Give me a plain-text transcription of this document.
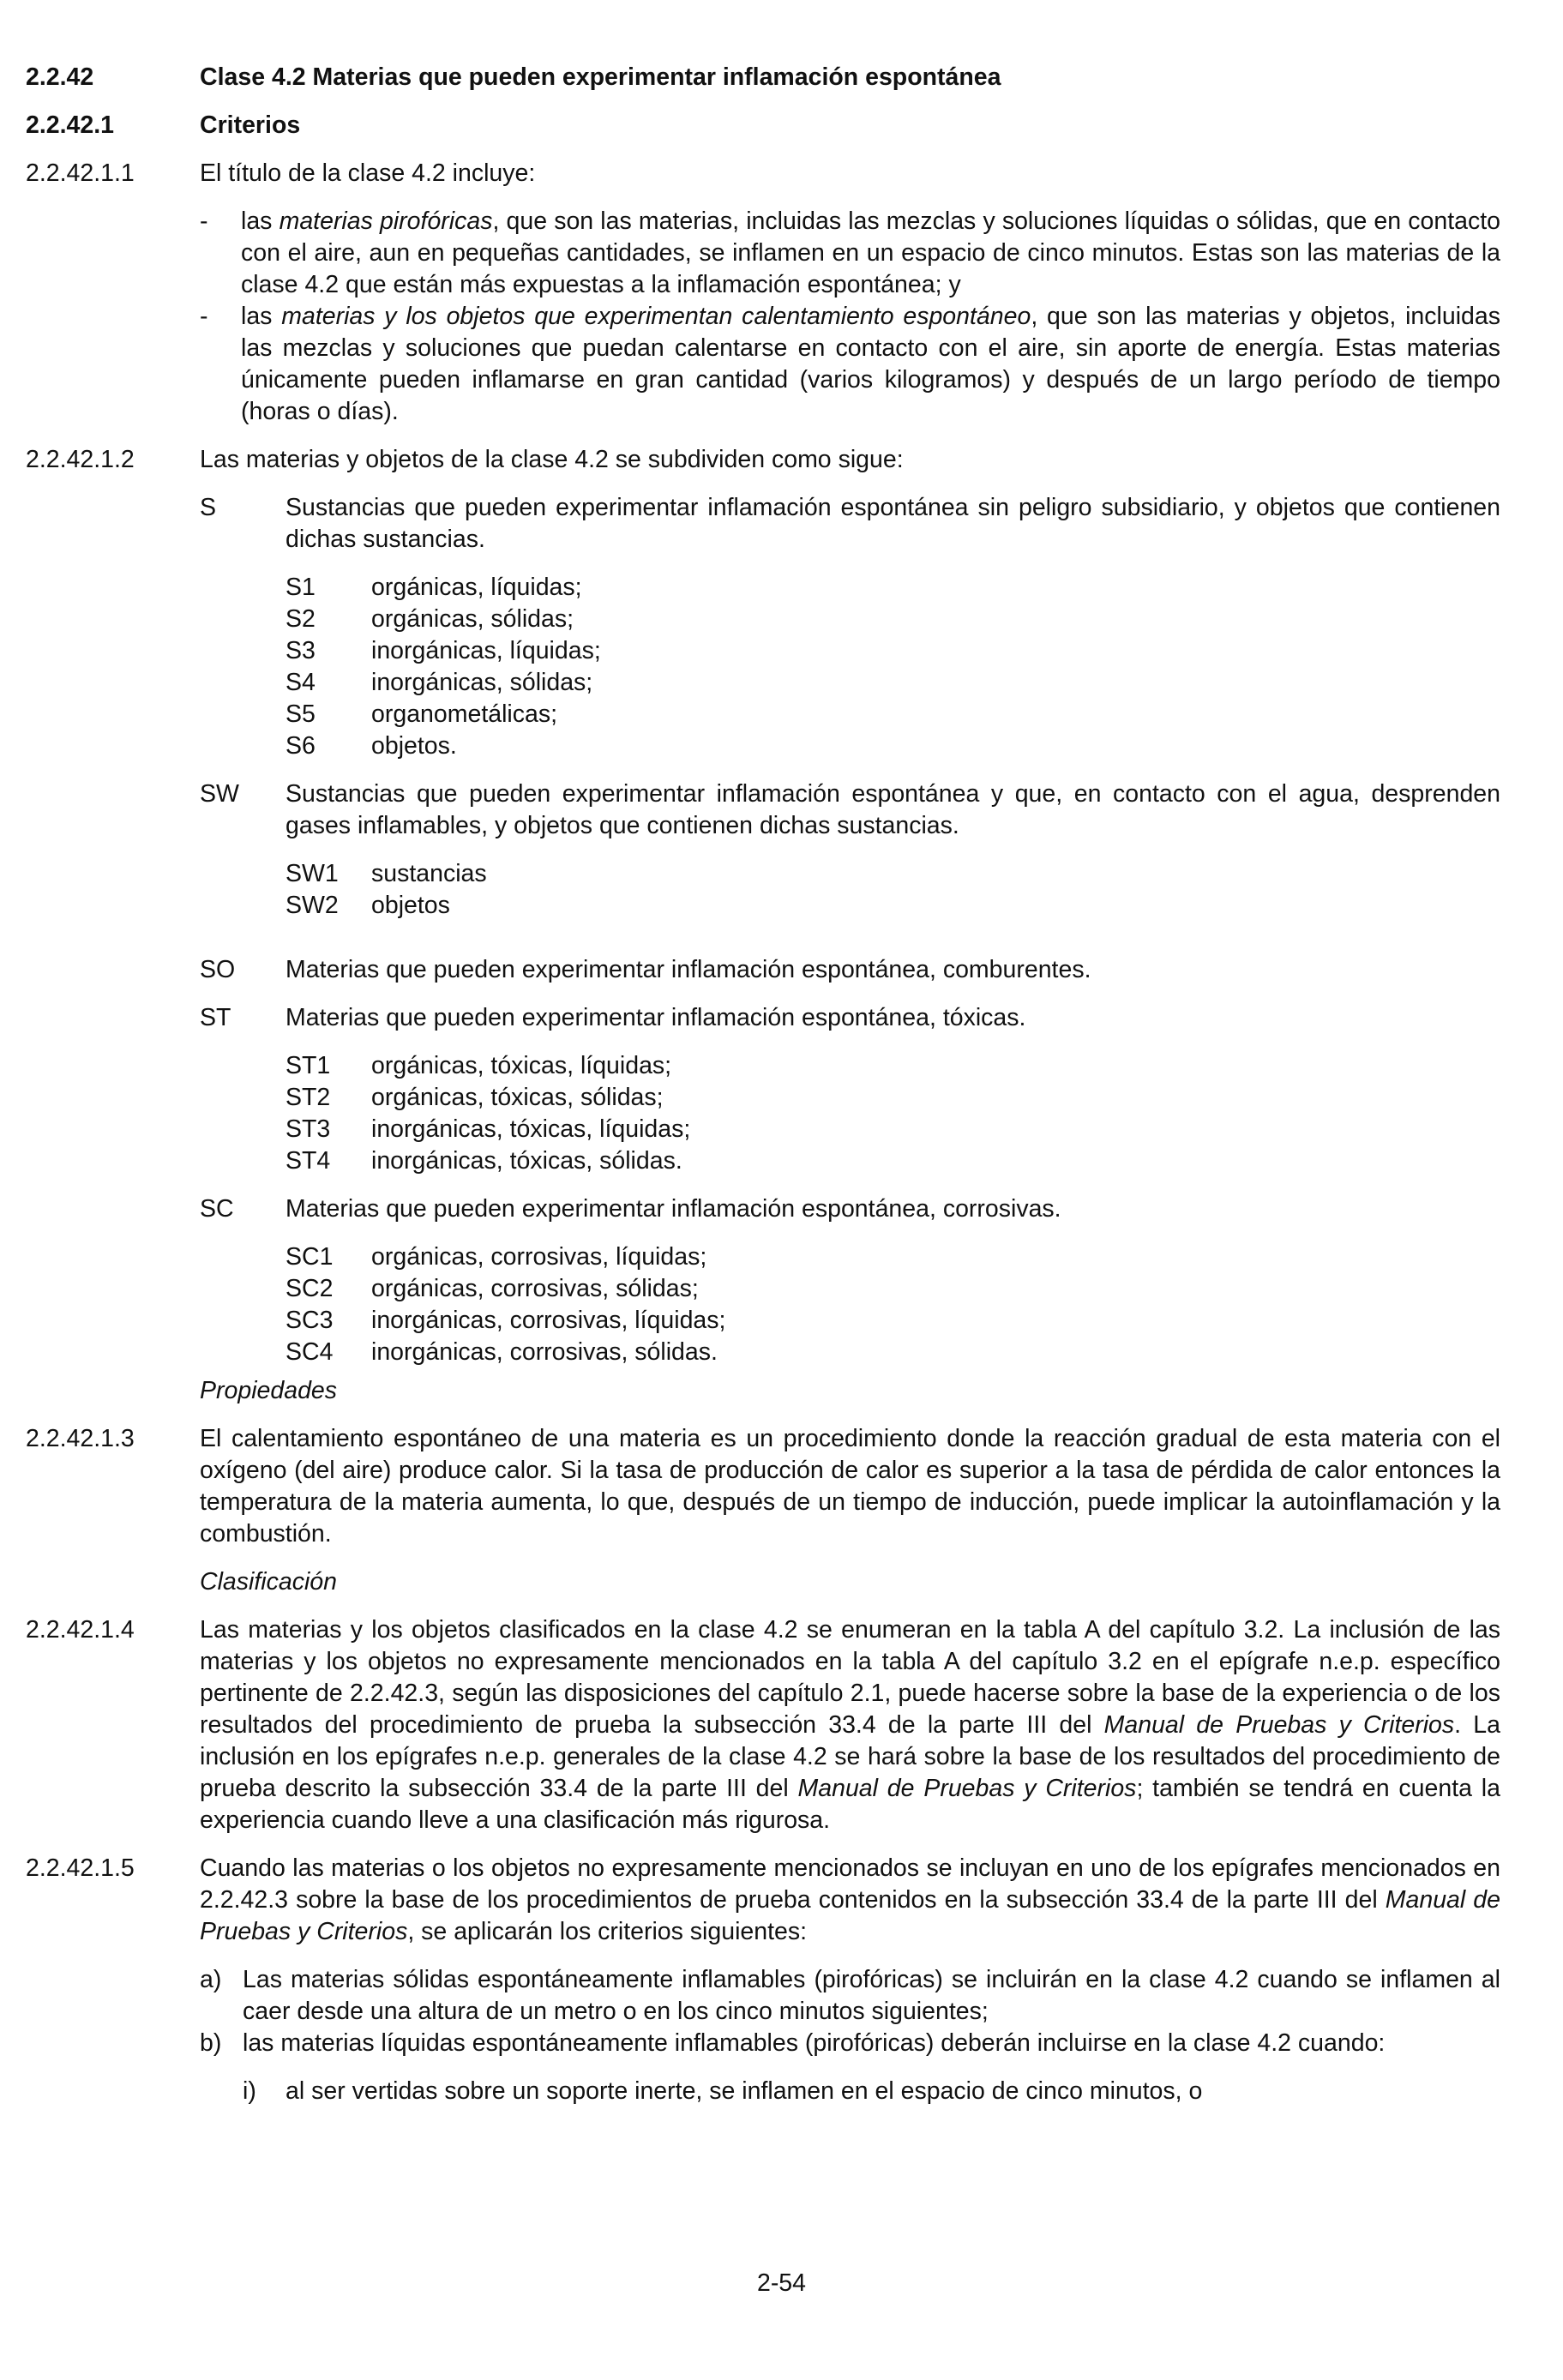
2.2.42	Clase 4.2 Materias que pueden experimentar inflamación espontánea
2.2.42.1	Criterios
2.2.42.1.1	El título de la clase 4.2 incluye:
-	las materias pirofóricas, que son las materias, incluidas las mezclas y soluciones líquidas o sólidas, que en contacto con el aire, aun en pequeñas cantidades, se inflamen en un espacio de cinco minutos. Estas son las materias de la clase 4.2 que están más expuestas a la inflamación espontánea; y
-	las materias y los objetos que experimentan calentamiento espontáneo, que son las materias y objetos, incluidas las mezclas y soluciones que puedan calentarse en contacto con el aire, sin aporte de energía. Estas materias únicamente pueden inflamarse en gran cantidad (varios kilogramos) y después de un largo período de tiempo (horas o días).
2.2.42.1.2	Las materias y objetos de la clase 4.2 se subdividen como sigue:
S	Sustancias que pueden experimentar inflamación espontánea sin peligro subsidiario, y objetos que contienen dichas sustancias.
S1	orgánicas, líquidas;
S2	orgánicas, sólidas;
S3	inorgánicas, líquidas;
S4	inorgánicas, sólidas;
S5	organometálicas;
S6	objetos.
SW	Sustancias que pueden experimentar inflamación espontánea y que, en contacto con el agua, desprenden gases inflamables, y objetos que contienen dichas sustancias.
SW1	sustancias
SW2	objetos
SO	Materias que pueden experimentar inflamación espontánea, comburentes.
ST	Materias que pueden experimentar inflamación espontánea, tóxicas.
ST1	orgánicas, tóxicas, líquidas;
ST2	orgánicas, tóxicas, sólidas;
ST3	inorgánicas, tóxicas, líquidas;
ST4	inorgánicas, tóxicas, sólidas.
SC	Materias que pueden experimentar inflamación espontánea, corrosivas.
SC1	orgánicas, corrosivas, líquidas;
SC2	orgánicas, corrosivas, sólidas;
SC3	inorgánicas, corrosivas, líquidas;
SC4	inorgánicas, corrosivas, sólidas.
Propiedades
2.2.42.1.3	El calentamiento espontáneo de una materia es un procedimiento donde la reacción gradual de esta materia con el oxígeno (del aire) produce calor. Si la tasa de producción de calor es superior a la tasa de pérdida de calor entonces la temperatura de la materia aumenta, lo que, después de un tiempo de inducción, puede implicar la autoinflamación y la combustión.
Clasificación
2.2.42.1.4	Las materias y los objetos clasificados en la clase 4.2 se enumeran en la tabla A del capítulo 3.2. La inclusión de las materias y los objetos no expresamente mencionados en la tabla A del capítulo 3.2 en el epígrafe n.e.p. específico pertinente de 2.2.42.3, según las disposiciones del capítulo 2.1, puede hacerse sobre la base de la experiencia o de los resultados del procedimiento de prueba la subsección 33.4 de la parte III del Manual de Pruebas y Criterios. La inclusión en los epígrafes n.e.p. generales de la clase 4.2 se hará sobre la base de los resultados del procedimiento de prueba descrito la subsección 33.4 de la parte III del Manual de Pruebas y Criterios; también se tendrá en cuenta la experiencia cuando lleve a una clasificación más rigurosa.
2.2.42.1.5	Cuando las materias o los objetos no expresamente mencionados se incluyan en uno de los epígrafes mencionados en 2.2.42.3 sobre la base de los procedimientos de prueba contenidos en la subsección 33.4 de la parte III del Manual de Pruebas y Criterios, se aplicarán los criterios siguientes:
a) Las materias sólidas espontáneamente inflamables (pirofóricas) se incluirán en la clase 4.2 cuando se inflamen al caer desde una altura de un metro o en los cinco minutos siguientes;
b) las materias líquidas espontáneamente inflamables (pirofóricas) deberán incluirse en la clase 4.2 cuando:
i)	al ser vertidas sobre un soporte inerte, se inflamen en el espacio de cinco minutos, o
2-54
